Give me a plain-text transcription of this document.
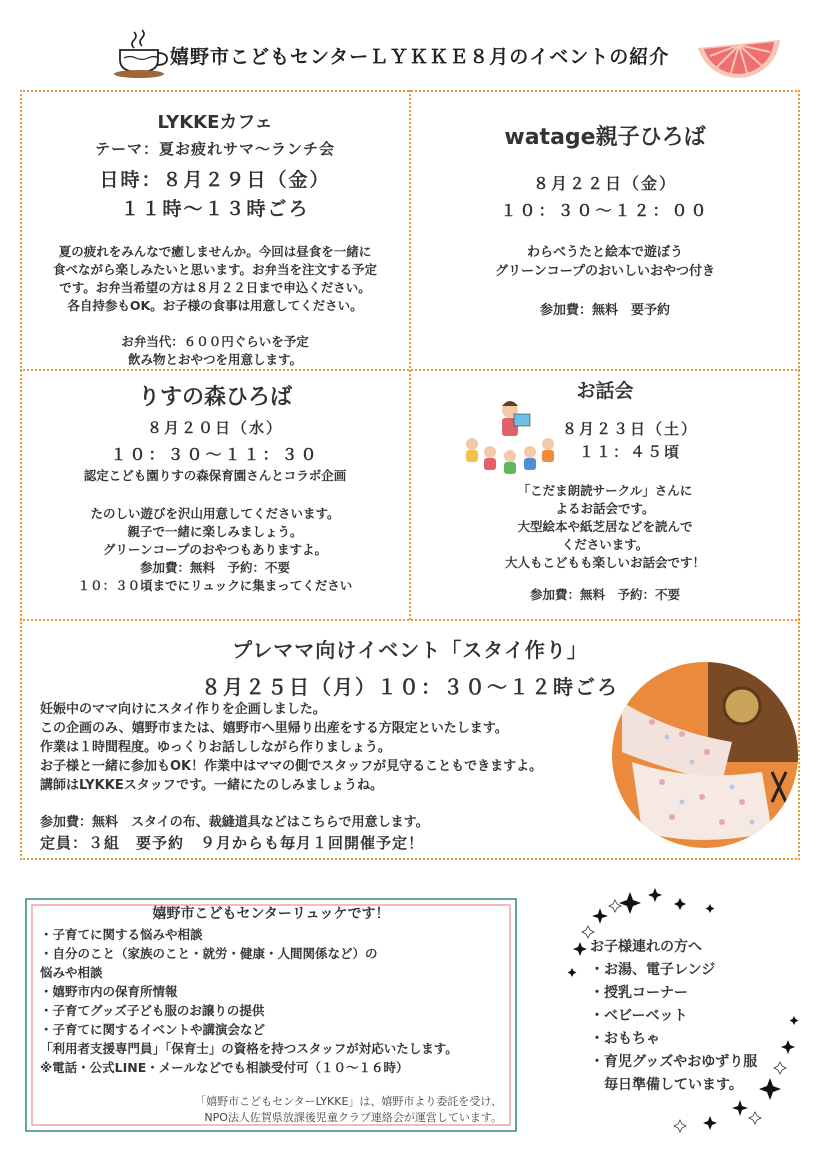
嬉野市こどもセンターＬＹＫＫＥ８月のイベントの紹介
LYKKEカフェ
テーマ：夏お疲れサマ〜ランチ会
日時：８月２９日（金）
１１時〜１３時ごろ
夏の疲れをみんなで癒しませんか。今回は昼食を一緒に
食べながら楽しみたいと思います。お弁当を注文する予定
です。お弁当希望の方は８月２２日まで申込ください。
各自持参もOK。お子様の食事は用意してください。
お弁当代：６００円ぐらいを予定
飲み物とおやつを用意します。
watage親子ひろば
８月２２日（金）
１０：３０〜１２：００
わらべうたと絵本で遊ぼう
グリーンコープのおいしいおやつ付き
参加費：無料　要予約
りすの森ひろば
８月２０日（水）
１０：３０〜１１：３０
認定こども園りすの森保育園さんとコラボ企画
たのしい遊びを沢山用意してくださいます。
親子で一緒に楽しみましょう。
グリーンコープのおやつもありますよ。
参加費：無料　予約：不要
１０：３０頃までにリュックに集まってください
お話会
８月２３日（土）
１１：４５頃
「こだま朗読サークル」さんに
よるお話会です。
大型絵本や紙芝居などを読んで
くださいます。
大人もこどもも楽しいお話会です！
参加費：無料　予約：不要
プレママ向けイベント「スタイ作り」
８月２５日（月）１０：３０〜１２時ごろ
妊娠中のママ向けにスタイ作りを企画しました。
この企画のみ、嬉野市または、嬉野市へ里帰り出産をする方限定といたします。
作業は１時間程度。ゆっくりお話ししながら作りましょう。
お子様と一緒に参加もOK！作業中はママの側でスタッフが見守ることもできますよ。
講師はLYKKEスタッフです。一緒にたのしみましょうね。
参加費：無料　スタイの布、裁縫道具などはこちらで用意します。
定員：３組　要予約　９月からも毎月１回開催予定！
嬉野市こどもセンターリュッケです！
・子育てに関する悩みや相談
・自分のこと（家族のこと・就労・健康・人間関係など）の
悩みや相談
・嬉野市内の保育所情報
・子育てグッズ子ども服のお譲りの提供
・子育てに関するイベントや講演会など
「利用者支援専門員」「保育士」の資格を持つスタッフが対応いたします。
※電話・公式LINE・メールなどでも相談受付可（１０〜１６時）
「嬉野市こどもセンターLYKKE」は、嬉野市より委託を受け、
NPO法人佐賀県放課後児童クラブ連絡会が運営しています。
お子様連れの方へ
・お湯、電子レンジ
・授乳コーナー
・ベビーベット
・おもちゃ
・育児グッズやおゆずり服
　毎日準備しています。
